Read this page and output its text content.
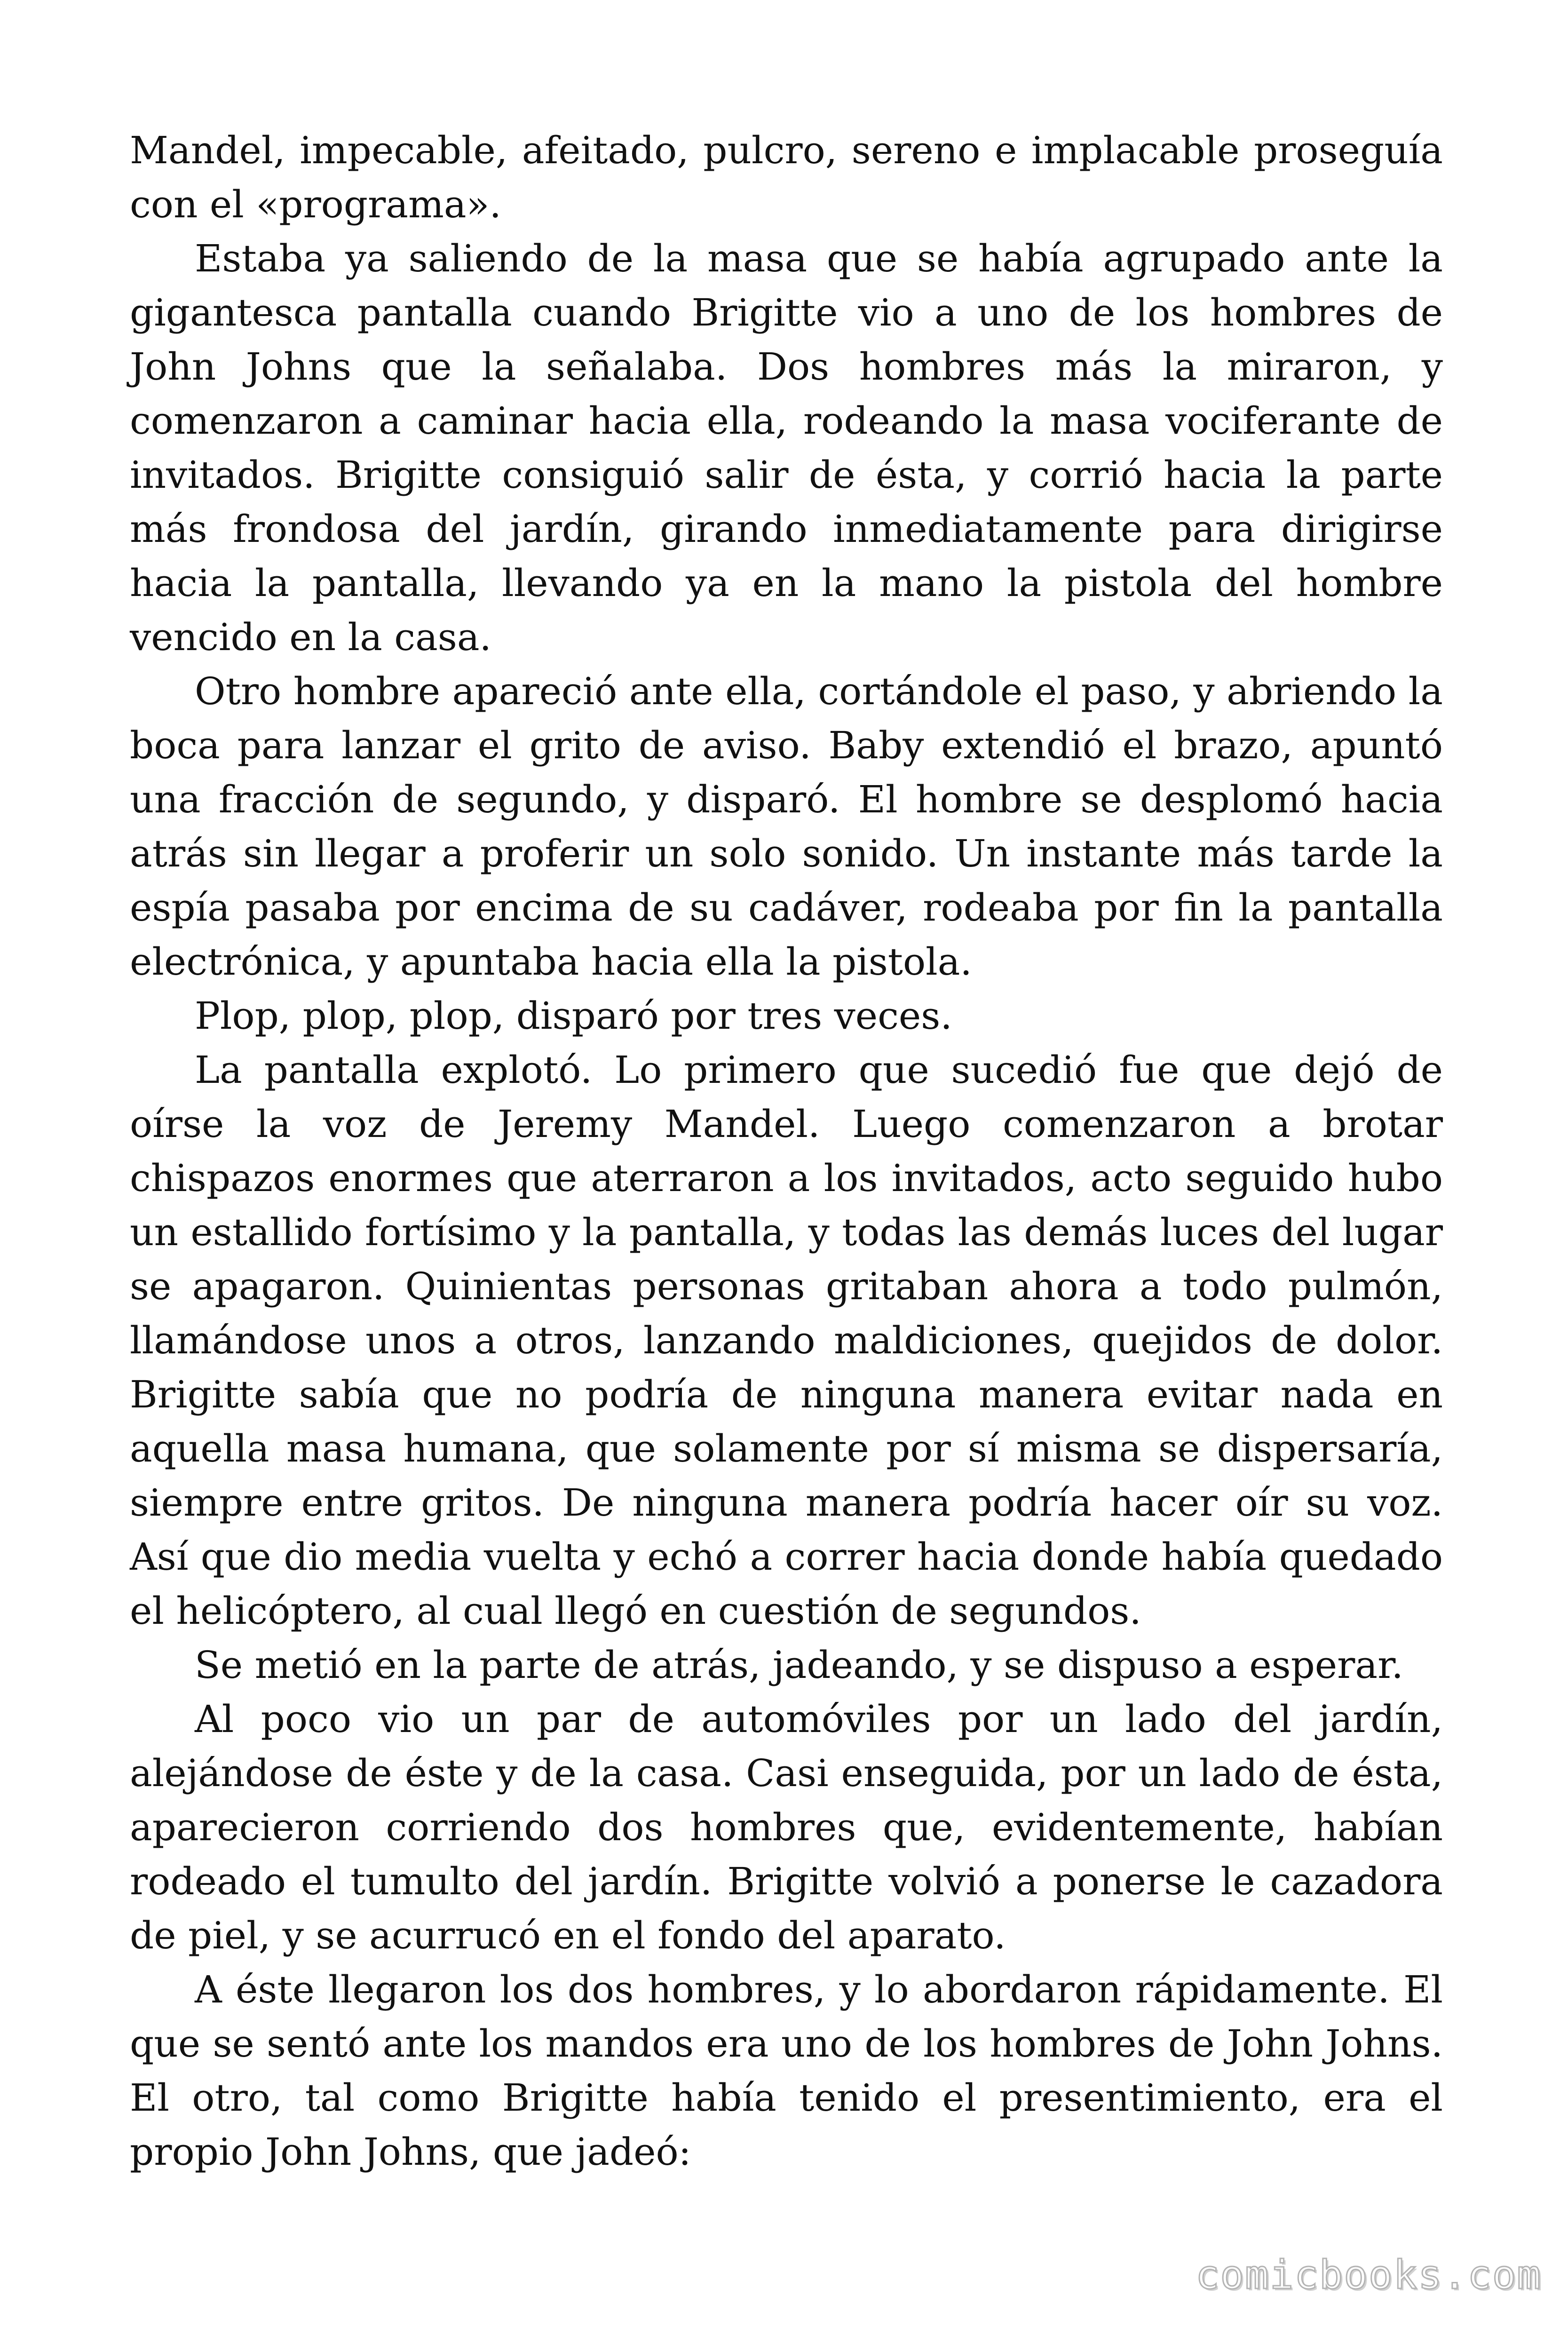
Mandel, impecable, afeitado, pulcro, sereno e implacable proseguía con el «programa».

Estaba ya saliendo de la masa que se había agrupado ante la gigantesca pantalla cuando Brigitte vio a uno de los hombres de John Johns que la señalaba. Dos hombres más la miraron, y comenzaron a caminar hacia ella, rodeando la masa vociferante de invitados. Brigitte consiguió salir de ésta, y corrió hacia la parte más frondosa del jardín, girando inmediatamente para dirigirse hacia la pantalla, llevando ya en la mano la pistola del hombre vencido en la casa.

Otro hombre apareció ante ella, cortándole el paso, y abriendo la boca para lanzar el grito de aviso. Baby extendió el brazo, apuntó una fracción de segundo, y disparó. El hombre se desplomó hacia atrás sin llegar a proferir un solo sonido. Un instante más tarde la espía pasaba por encima de su cadáver, rodeaba por fin la pantalla electrónica, y apuntaba hacia ella la pistola.

Plop, plop, plop, disparó por tres veces.

La pantalla explotó. Lo primero que sucedió fue que dejó de oírse la voz de Jeremy Mandel. Luego comenzaron a brotar chispazos enormes que aterraron a los invitados, acto seguido hubo un estallido fortísimo y la pantalla, y todas las demás luces del lugar se apagaron. Quinientas personas gritaban ahora a todo pulmón, llamándose unos a otros, lanzando maldiciones, quejidos de dolor. Brigitte sabía que no podría de ninguna manera evitar nada en aquella masa humana, que solamente por sí misma se dispersaría, siempre entre gritos. De ninguna manera podría hacer oír su voz. Así que dio media vuelta y echó a correr hacia donde había quedado el helicóptero, al cual llegó en cuestión de segundos.

Se metió en la parte de atrás, jadeando, y se dispuso a esperar.

Al poco vio un par de automóviles por un lado del jardín, alejándose de éste y de la casa. Casi enseguida, por un lado de ésta, aparecieron corriendo dos hombres que, evidentemente, habían rodeado el tumulto del jardín. Brigitte volvió a ponerse le cazadora de piel, y se acurrucó en el fondo del aparato.

A éste llegaron los dos hombres, y lo abordaron rápidamente. El que se sentó ante los mandos era uno de los hombres de John Johns. El otro, tal como Brigitte había tenido el presentimiento, era el propio John Johns, que jadeó:

comicbooks.com
